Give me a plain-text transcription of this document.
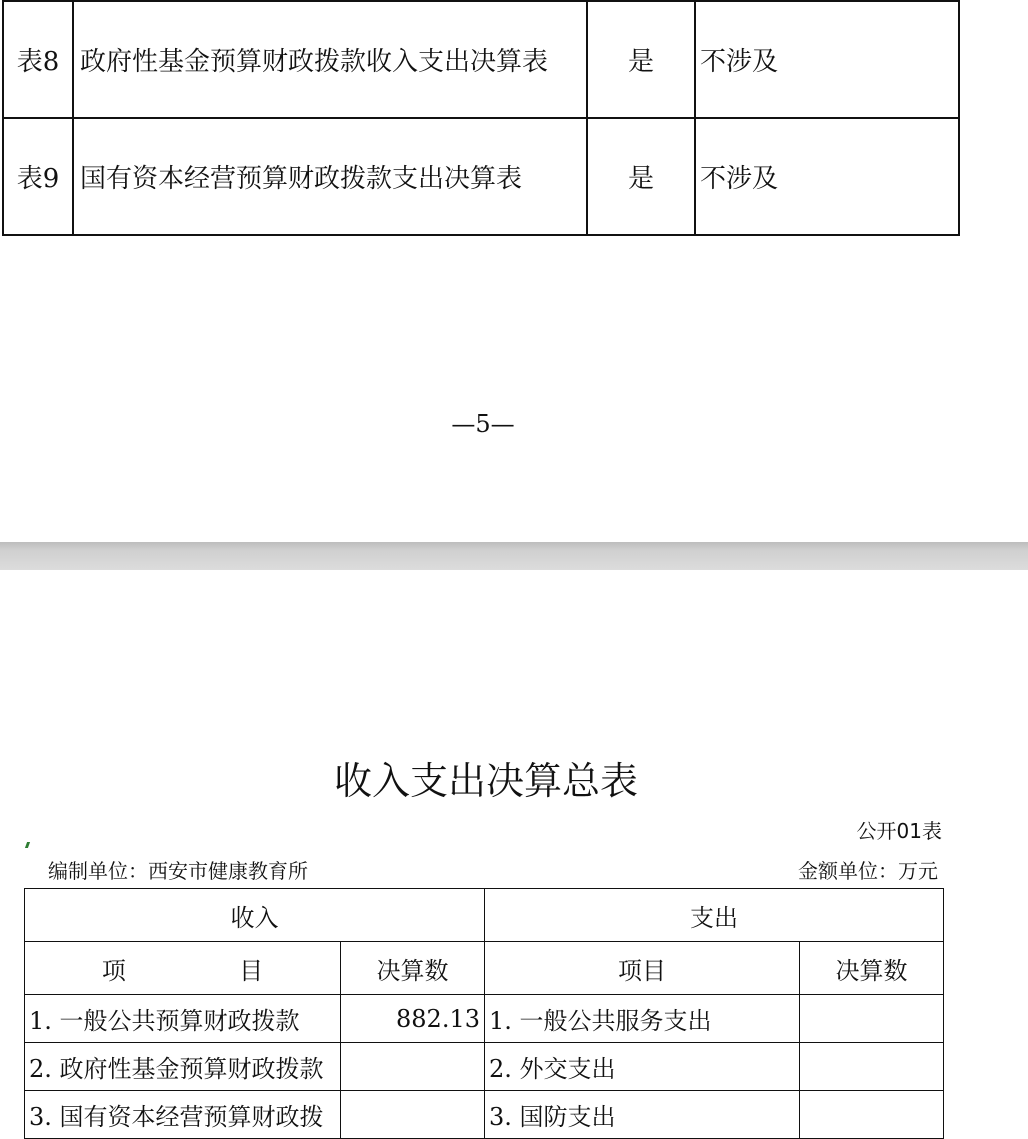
表8	政府性基金预算财政拨款收入支出决算表	是	不涉及
表9	国有资本经营预算财政拨款支出决算表	是	不涉及
—5—
收入支出决算总表
公开01表
编制单位：西安市健康教育所	金额单位：万元
收入		支出	
项 目	决算数	项目	决算数
1. 一般公共预算财政拨款	882.13	1. 一般公共服务支出	
2. 政府性基金预算财政拨款		2. 外交支出	
3. 国有资本经营预算财政拨		3. 国防支出	
